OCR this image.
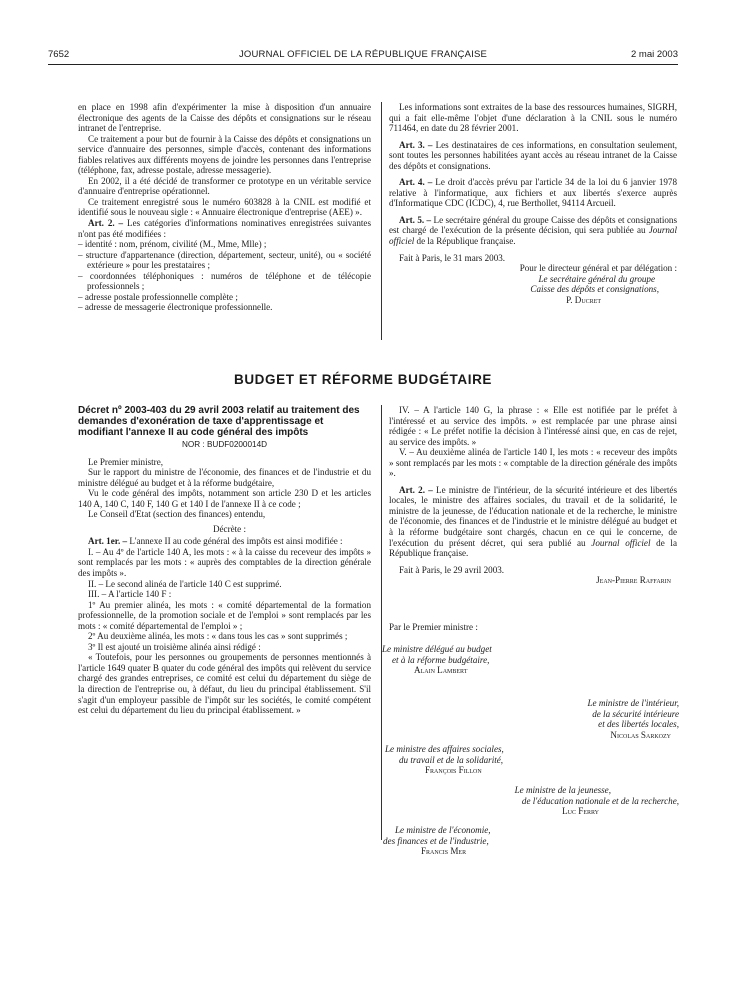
7652	JOURNAL OFFICIEL DE LA RÉPUBLIQUE FRANÇAISE	2 mai 2003

en place en 1998 afin d'expérimenter la mise à disposition d'un annuaire électronique des agents de la Caisse des dépôts et consignations sur le réseau intranet de l'entreprise.

Ce traitement a pour but de fournir à la Caisse des dépôts et consignations un service d'annuaire des personnes, simple d'accès, contenant des informations fiables relatives aux différents moyens de joindre les personnes dans l'entreprise (téléphone, fax, adresse postale, adresse messagerie).

En 2002, il a été décidé de transformer ce prototype en un véritable service d'annuaire d'entreprise opérationnel.

Ce traitement enregistré sous le numéro 603828 à la CNIL est modifié et identifié sous le nouveau sigle : « Annuaire électronique d'entreprise (AEE) ».

Art. 2. – Les catégories d'informations nominatives enregistrées suivantes n'ont pas été modifiées :

– identité : nom, prénom, civilité (M., Mme, Mlle) ;
– structure d'appartenance (direction, département, secteur, unité), ou « société extérieure » pour les prestataires ;
– coordonnées téléphoniques : numéros de téléphone et de télécopie professionnels ;
– adresse postale professionnelle complète ;
– adresse de messagerie électronique professionnelle.

Les informations sont extraites de la base des ressources humaines, SIGRH, qui a fait elle-même l'objet d'une déclaration à la CNIL sous le numéro 711464, en date du 28 février 2001.

Art. 3. – Les destinataires de ces informations, en consultation seulement, sont toutes les personnes habilitées ayant accès au réseau intranet de la Caisse des dépôts et consignations.

Art. 4. – Le droit d'accès prévu par l'article 34 de la loi du 6 janvier 1978 relative à l'informatique, aux fichiers et aux libertés s'exerce auprès d'Informatique CDC (ICDC), 4, rue Berthollet, 94114 Arcueil.

Art. 5. – Le secrétaire général du groupe Caisse des dépôts et consignations est chargé de l'exécution de la présente décision, qui sera publiée au Journal officiel de la République française.

Fait à Paris, le 31 mars 2003.

Pour le directeur général et par délégation :
Le secrétaire général du groupe
Caisse des dépôts et consignations,
P. Ducret
BUDGET ET RÉFORME BUDGÉTAIRE
Décret nº 2003-403 du 29 avril 2003 relatif au traitement des demandes d'exonération de taxe d'apprentissage et modifiant l'annexe II au code général des impôts
NOR : BUDF0200014D

Le Premier ministre,

Sur le rapport du ministre de l'économie, des finances et de l'industrie et du ministre délégué au budget et à la réforme budgétaire,

Vu le code général des impôts, notamment son article 230 D et les articles 140 A, 140 C, 140 F, 140 G et 140 I de l'annexe II à ce code ;

Le Conseil d'Etat (section des finances) entendu,

Décrète :

Art. 1er. – L'annexe II au code général des impôts est ainsi modifiée :

I. – Au 4º de l'article 140 A, les mots : « à la caisse du receveur des impôts » sont remplacés par les mots : « auprès des comptables de la direction générale des impôts ».

II. – Le second alinéa de l'article 140 C est supprimé.

III. – A l'article 140 F :

1º Au premier alinéa, les mots : « comité départemental de la formation professionnelle, de la promotion sociale et de l'emploi » sont remplacés par les mots : « comité départemental de l'emploi » ;

2º Au deuxième alinéa, les mots : « dans tous les cas » sont supprimés ;

3º Il est ajouté un troisième alinéa ainsi rédigé :

« Toutefois, pour les personnes ou groupements de personnes mentionnés à l'article 1649 quater B quater du code général des impôts qui relèvent du service chargé des grandes entreprises, ce comité est celui du département du siège de la direction de l'entreprise ou, à défaut, du lieu du principal établissement. S'il s'agit d'un employeur passible de l'impôt sur les sociétés, le comité compétent est celui du département du lieu du principal établissement. »

IV. – A l'article 140 G, la phrase : « Elle est notifiée par le préfet à l'intéressé et au service des impôts. » est remplacée par une phrase ainsi rédigée : « Le préfet notifie la décision à l'intéressé ainsi que, en cas de rejet, au service des impôts. »

V. – Au deuxième alinéa de l'article 140 I, les mots : « receveur des impôts » sont remplacés par les mots : « comptable de la direction générale des impôts ».

Art. 2. – Le ministre de l'intérieur, de la sécurité intérieure et des libertés locales, le ministre des affaires sociales, du travail et de la solidarité, le ministre de la jeunesse, de l'éducation nationale et de la recherche, le ministre de l'économie, des finances et de l'industrie et le ministre délégué au budget et à la réforme budgétaire sont chargés, chacun en ce qui le concerne, de l'exécution du présent décret, qui sera publié au Journal officiel de la République française.

Fait à Paris, le 29 avril 2003.

Jean-Pierre Raffarin
Par le Premier ministre :
Le ministre délégué au budget
et à la réforme budgétaire,
Alain Lambert
Le ministre de l'intérieur,
de la sécurité intérieure
et des libertés locales,
Nicolas Sarkozy
Le ministre des affaires sociales,
du travail et de la solidarité,
François Fillon
Le ministre de la jeunesse,
de l'éducation nationale et de la recherche,
Luc Ferry
Le ministre de l'économie,
des finances et de l'industrie,
Francis Mer
